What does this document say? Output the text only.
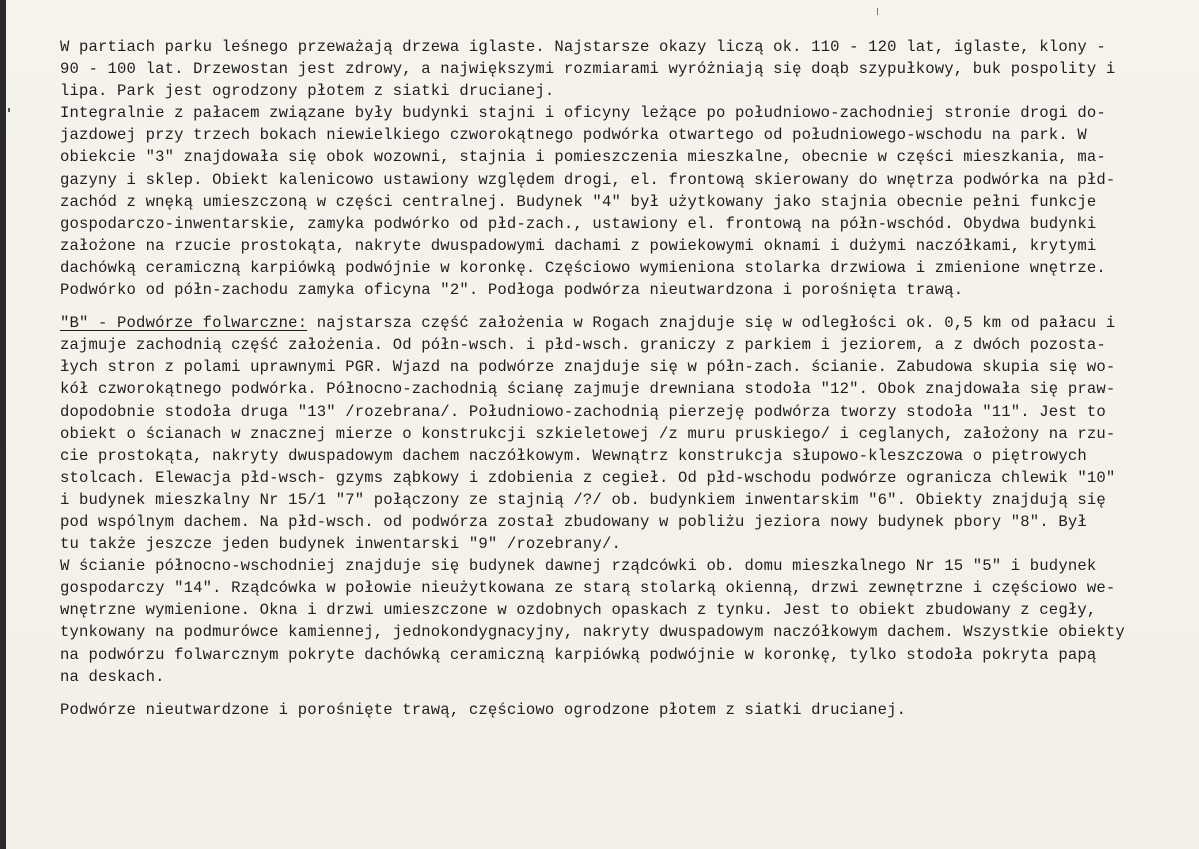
W partiach parku leśnego przeważają drzewa iglaste. Najstarsze okazy liczą ok. 110 - 120 lat, iglaste, klony -
90 - 100 lat. Drzewostan jest zdrowy, a największymi rozmiarami wyróżniają się doąb szypułkowy, buk pospolity i
lipa. Park jest ogrodzony płotem z siatki drucianej.
Integralnie z pałacem związane były budynki stajni i oficyny leżące po południowo-zachodniej stronie drogi do-
jazdowej przy trzech bokach niewielkiego czworokątnego podwórka otwartego od południowego-wschodu na park. W
obiekcie "3" znajdowała się obok wozowni, stajnia i pomieszczenia mieszkalne, obecnie w części mieszkania, ma-
gazyny i sklep. Obiekt kalenicowo ustawiony względem drogi, el. frontową skierowany do wnętrza podwórka na płd-
zachód z wnęką umieszczoną w części centralnej. Budynek "4" był użytkowany jako stajnia obecnie pełni funkcje
gospodarczo-inwentarskie, zamyka podwórko od płd-zach., ustawiony el. frontową na półn-wschód. Obydwa budynki
założone na rzucie prostokąta, nakryte dwuspadowymi dachami z powiekowymi oknami i dużymi naczółkami, krytymi
dachówką ceramiczną karpiówką podwójnie w koronkę. Częściowo wymieniona stolarka drzwiowa i zmienione wnętrze.
Podwórko od półn-zachodu zamyka oficyna "2". Podłoga podwórza nieutwardzona i porośnięta trawą.
"B" - Podwórze folwarczne: najstarsza część założenia w Rogach znajduje się w odległości ok. 0,5 km od pałacu i
zajmuje zachodnią część założenia. Od półn-wsch. i płd-wsch. graniczy z parkiem i jeziorem, a z dwóch pozosta-
łych stron z polami uprawnymi PGR. Wjazd na podwórze znajduje się w półn-zach. ścianie. Zabudowa skupia się wo-
kół czworokątnego podwórka. Północno-zachodnią ścianę zajmuje drewniana stodoła "12". Obok znajdowała się praw-
dopodobnie stodoła druga "13" /rozebrana/. Południowo-zachodnią pierzeję podwórza tworzy stodoła "11". Jest to
obiekt o ścianach w znacznej mierze o konstrukcji szkieletowej /z muru pruskiego/ i ceglanych, założony na rzu-
cie prostokąta, nakryty dwuspadowym dachem naczółkowym. Wewnątrz konstrukcja słupowo-kleszczowa o piętrowych
stolcach. Elewacja płd-wsch- gzyms ząbkowy i zdobienia z cegieł. Od płd-wschodu podwórze ogranicza chlewik "10"
i budynek mieszkalny Nr 15/1 "7" połączony ze stajnią /?/ ob. budynkiem inwentarskim "6". Obiekty znajdują się
pod wspólnym dachem. Na płd-wsch. od podwórza został zbudowany w pobliżu jeziora nowy budynek pbory "8". Był
tu także jeszcze jeden budynek inwentarski "9" /rozebrany/.
W ścianie północno-wschodniej znajduje się budynek dawnej rządcówki ob. domu mieszkalnego Nr 15 "5" i budynek
gospodarczy "14". Rządcówka w połowie nieużytkowana ze starą stolarką okienną, drzwi zewnętrzne i częściowo we-
wnętrzne wymienione. Okna i drzwi umieszczone w ozdobnych opaskach z tynku. Jest to obiekt zbudowany z cegły,
tynkowany na podmurówce kamiennej, jednokondygnacyjny, nakryty dwuspadowym naczółkowym dachem. Wszystkie obiekty
na podwórzu folwarcznym pokryte dachówką ceramiczną karpiówką podwójnie w koronkę, tylko stodoła pokryta papą
na deskach.
Podwórze nieutwardzone i porośnięte trawą, częściowo ogrodzone płotem z siatki drucianej.
